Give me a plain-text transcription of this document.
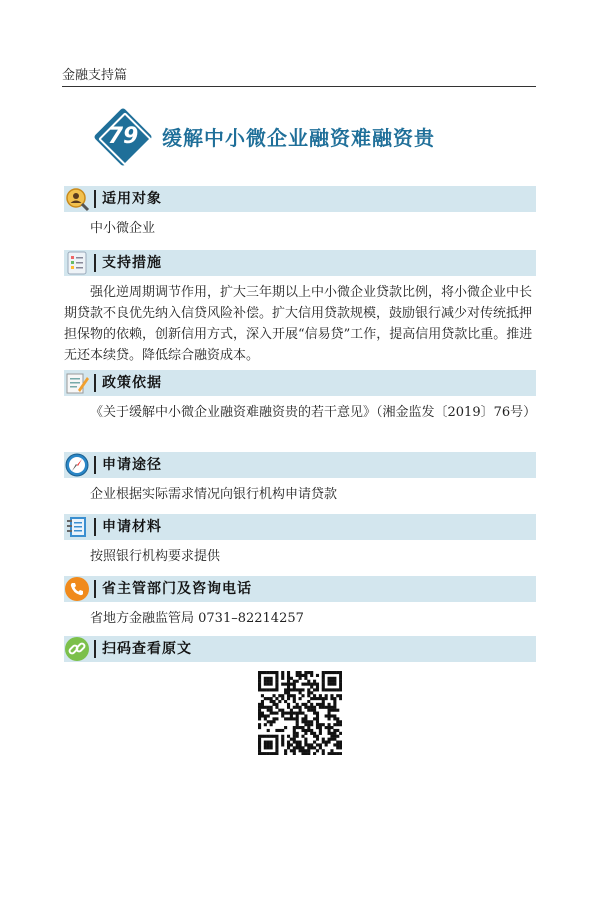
金融支持篇
79	缓解中小微企业融资难融资贵
适用对象
中小微企业
支持措施
强化逆周期调节作用，扩大三年期以上中小微企业贷款比例，将小微企业中长期贷款不良优先纳入信贷风险补偿。扩大信用贷款规模，鼓励银行减少对传统抵押担保物的依赖，创新信用方式，深入开展“信易贷”工作，提高信用贷款比重。推进无还本续贷。降低综合融资成本。
政策依据
《关于缓解中小微企业融资难融资贵的若干意见》（湘金监发〔2019〕76号）
申请途径
企业根据实际需求情况向银行机构申请贷款
申请材料
按照银行机构要求提供
省主管部门及咨询电话
省地方金融监管局 0731–82214257
扫码查看原文
